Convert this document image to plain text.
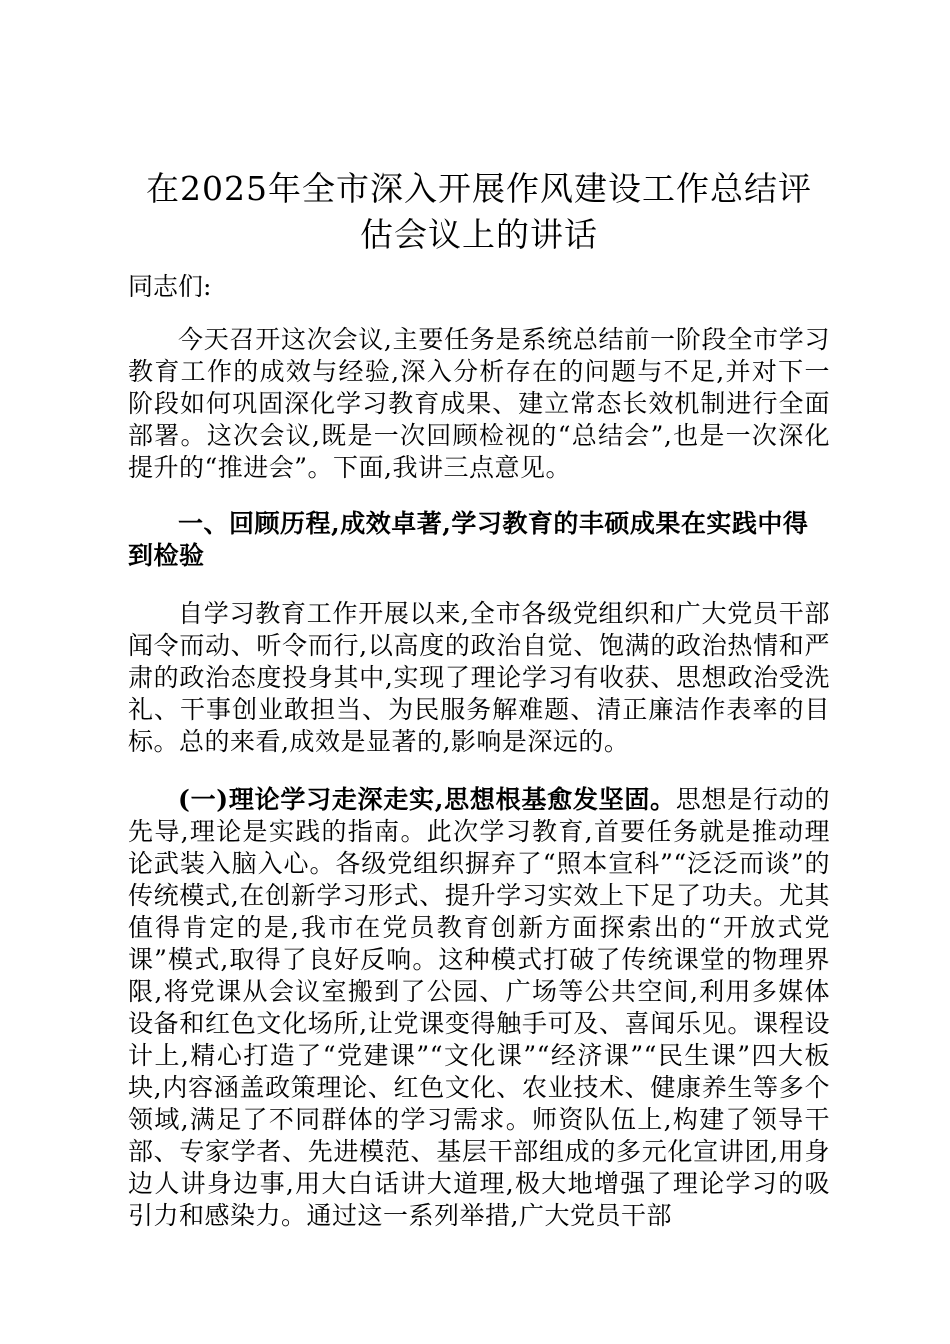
在2025年全市深入开展作风建设工作总结评
估会议上的讲话

同志们:

今天召开这次会议,主要任务是系统总结前一阶段全市学习教育工作的成效与经验,深入分析存在的问题与不足,并对下一阶段如何巩固深化学习教育成果、建立常态长效机制进行全面部署。这次会议,既是一次回顾检视的“总结会”,也是一次深化提升的“推进会”。下面,我讲三点意见。

一、回顾历程,成效卓著,学习教育的丰硕成果在实践中得到检验

自学习教育工作开展以来,全市各级党组织和广大党员干部闻令而动、听令而行,以高度的政治自觉、饱满的政治热情和严肃的政治态度投身其中,实现了理论学习有收获、思想政治受洗礼、干事创业敢担当、为民服务解难题、清正廉洁作表率的目标。总的来看,成效是显著的,影响是深远的。

(一)理论学习走深走实,思想根基愈发坚固。思想是行动的先导,理论是实践的指南。此次学习教育,首要任务就是推动理论武装入脑入心。各级党组织摒弃了“照本宣科”“泛泛而谈”的传统模式,在创新学习形式、提升学习实效上下足了功夫。尤其值得肯定的是,我市在党员教育创新方面探索出的“开放式党课”模式,取得了良好反响。这种模式打破了传统课堂的物理界限,将党课从会议室搬到了公园、广场等公共空间,利用多媒体设备和红色文化场所,让党课变得触手可及、喜闻乐见。课程设计上,精心打造了“党建课”“文化课”“经济课”“民生课”四大板块,内容涵盖政策理论、红色文化、农业技术、健康养生等多个领域,满足了不同群体的学习需求。师资队伍上,构建了领导干部、专家学者、先进模范、基层干部组成的多元化宣讲团,用身边人讲身边事,用大白话讲大道理,极大地增强了理论学习的吸引力和感染力。通过这一系列举措,广大党员干部
